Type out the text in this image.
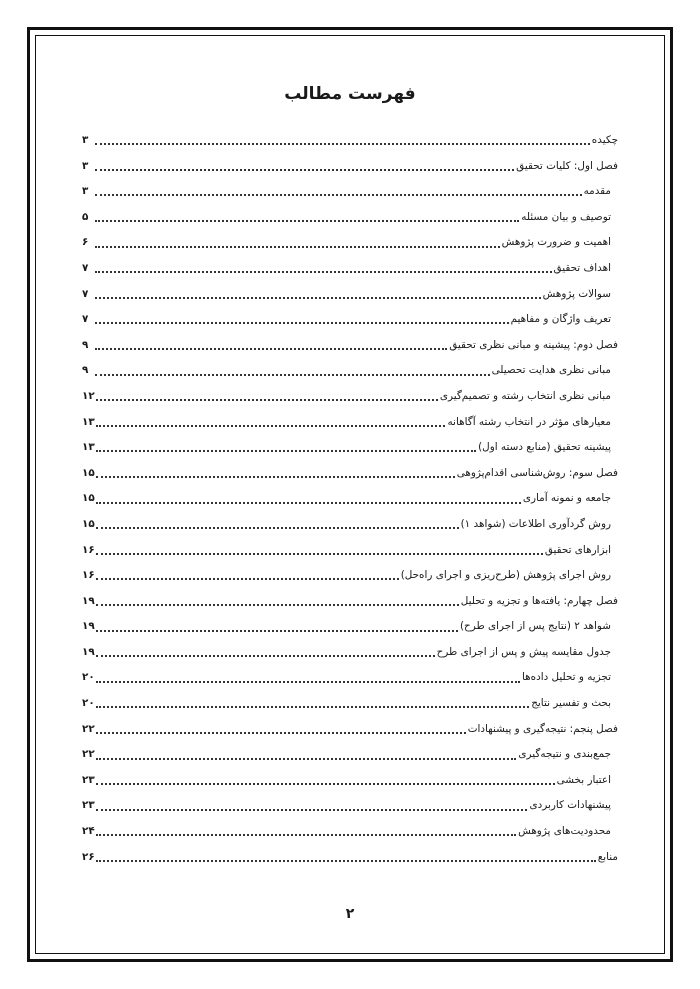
فهرست مطالب
چکیده
۳
فصل اول: کلیات تحقیق
۳
مقدمه
۳
توصیف و بیان مسئله
۵
اهمیت و ضرورت پژوهش
۶
اهداف تحقیق
۷
سوالات پژوهش
۷
تعریف واژگان و مفاهیم
۷
فصل دوم: پیشینه و مبانی نظری تحقیق
۹
مبانی نظری هدایت تحصیلی
۹
مبانی نظری انتخاب رشته و تصمیم‌گیری
۱۲
معیارهای مؤثر در انتخاب رشته آگاهانه
۱۳
پیشینه تحقیق (منابع دسته اول)
۱۳
فصل سوم: روش‌شناسی اقدام‌پژوهی
۱۵
جامعه و نمونه آماری
۱۵
روش گردآوری اطلاعات (شواهد ۱)
۱۵
ابزارهای تحقیق
۱۶
روش اجرای پژوهش (طرح‌ریزی و اجرای راه‌حل)
۱۶
فصل چهارم: یافته‌ها و تجزیه و تحلیل
۱۹
شواهد ۲ (نتایج پس از اجرای طرح)
۱۹
جدول مقایسه پیش و پس از اجرای طرح
۱۹
تجزیه و تحلیل داده‌ها
۲۰
بحث و تفسیر نتایج
۲۰
فصل پنجم: نتیجه‌گیری و پیشنهادات
۲۲
جمع‌بندی و نتیجه‌گیری
۲۲
اعتبار بخشی
۲۳
پیشنهادات کاربردی
۲۳
محدودیت‌های پژوهش
۲۴
منابع
۲۶
۲
